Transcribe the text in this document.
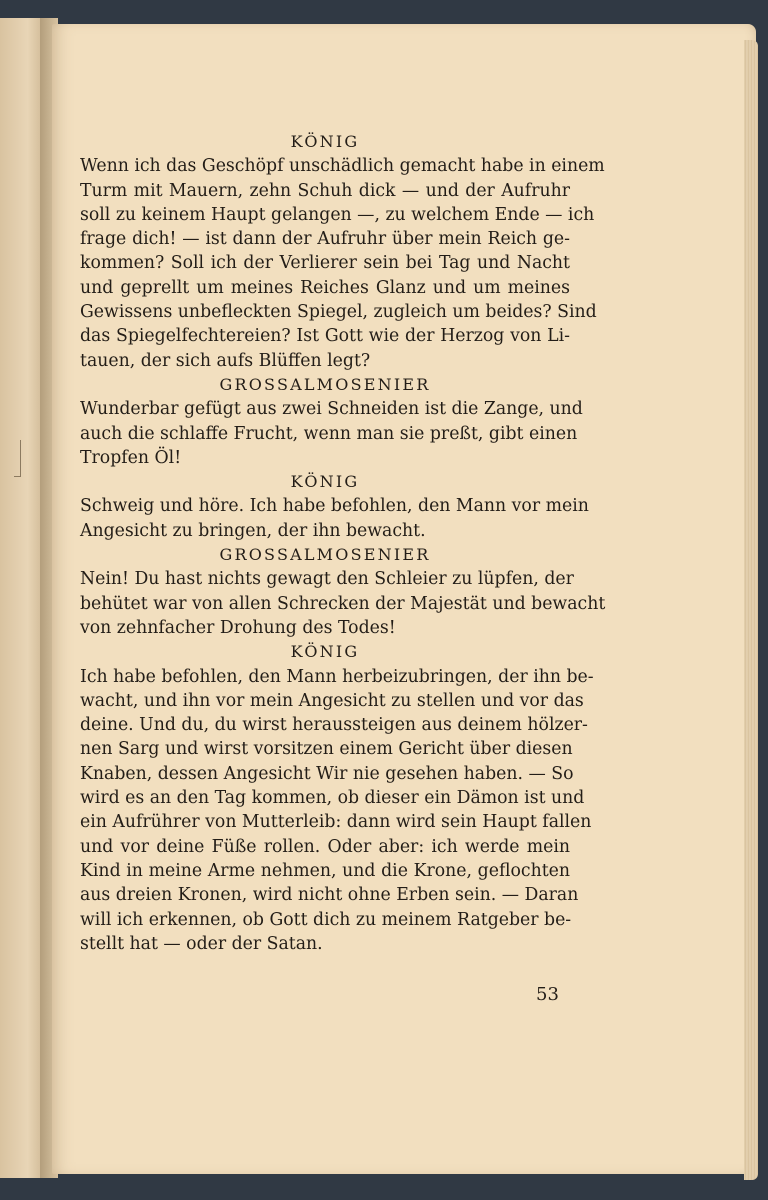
KÖNIG
Wenn ich das Geschöpf unschädlich gemacht habe in einem
Turm mit Mauern, zehn Schuh dick — und der Aufruhr
soll zu keinem Haupt gelangen —, zu welchem Ende — ich
frage dich! — ist dann der Aufruhr über mein Reich ge-
kommen? Soll ich der Verlierer sein bei Tag und Nacht
und geprellt um meines Reiches Glanz und um meines
Gewissens unbefleckten Spiegel, zugleich um beides? Sind
das Spiegelfechtereien? Ist Gott wie der Herzog von Li-
tauen, der sich aufs Blüffen legt?
GROSSALMOSENIER
Wunderbar gefügt aus zwei Schneiden ist die Zange, und
auch die schlaffe Frucht, wenn man sie preßt, gibt einen
Tropfen Öl!
KÖNIG
Schweig und höre. Ich habe befohlen, den Mann vor mein
Angesicht zu bringen, der ihn bewacht.
GROSSALMOSENIER
Nein! Du hast nichts gewagt den Schleier zu lüpfen, der
behütet war von allen Schrecken der Majestät und bewacht
von zehnfacher Drohung des Todes!
KÖNIG
Ich habe befohlen, den Mann herbeizubringen, der ihn be-
wacht, und ihn vor mein Angesicht zu stellen und vor das
deine. Und du, du wirst heraussteigen aus deinem hölzer-
nen Sarg und wirst vorsitzen einem Gericht über diesen
Knaben, dessen Angesicht Wir nie gesehen haben. — So
wird es an den Tag kommen, ob dieser ein Dämon ist und
ein Aufrührer von Mutterleib: dann wird sein Haupt fallen
und vor deine Füße rollen. Oder aber: ich werde mein
Kind in meine Arme nehmen, und die Krone, geflochten
aus dreien Kronen, wird nicht ohne Erben sein. — Daran
will ich erkennen, ob Gott dich zu meinem Ratgeber be-
stellt hat — oder der Satan.
53
